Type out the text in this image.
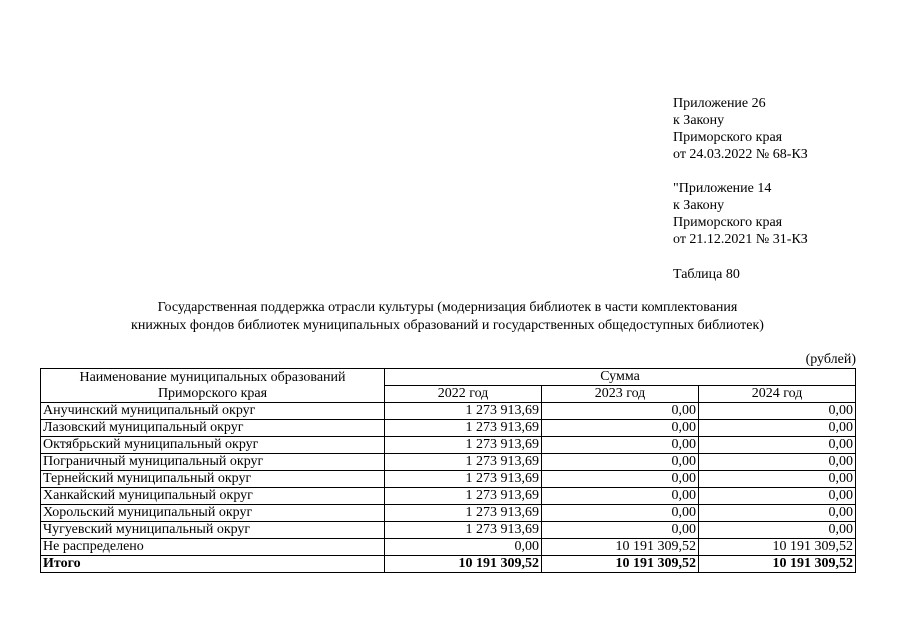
Приложение 26
к Закону
Приморского края
от 24.03.2022 № 68-КЗ
"Приложение 14
к Закону
Приморского края
от 21.12.2021 № 31-КЗ
Таблица 80
Государственная поддержка отрасли культуры (модернизация библиотек в части комплектования
книжных фондов библиотек муниципальных образований и государственных общедоступных библиотек)
(рублей)
Наименование муниципальных образований
Приморского края	Сумма		
	2022 год	2023 год	2024 год
Анучинский муниципальный округ	1 273 913,69	0,00	0,00
Лазовский муниципальный округ	1 273 913,69	0,00	0,00
Октябрьский муниципальный округ	1 273 913,69	0,00	0,00
Пограничный муниципальный округ	1 273 913,69	0,00	0,00
Тернейский муниципальный округ	1 273 913,69	0,00	0,00
Ханкайский муниципальный округ	1 273 913,69	0,00	0,00
Хорольский муниципальный округ	1 273 913,69	0,00	0,00
Чугуевский муниципальный округ	1 273 913,69	0,00	0,00
Не распределено	0,00	10 191 309,52	10 191 309,52
Итого	10 191 309,52	10 191 309,52	10 191 309,52
